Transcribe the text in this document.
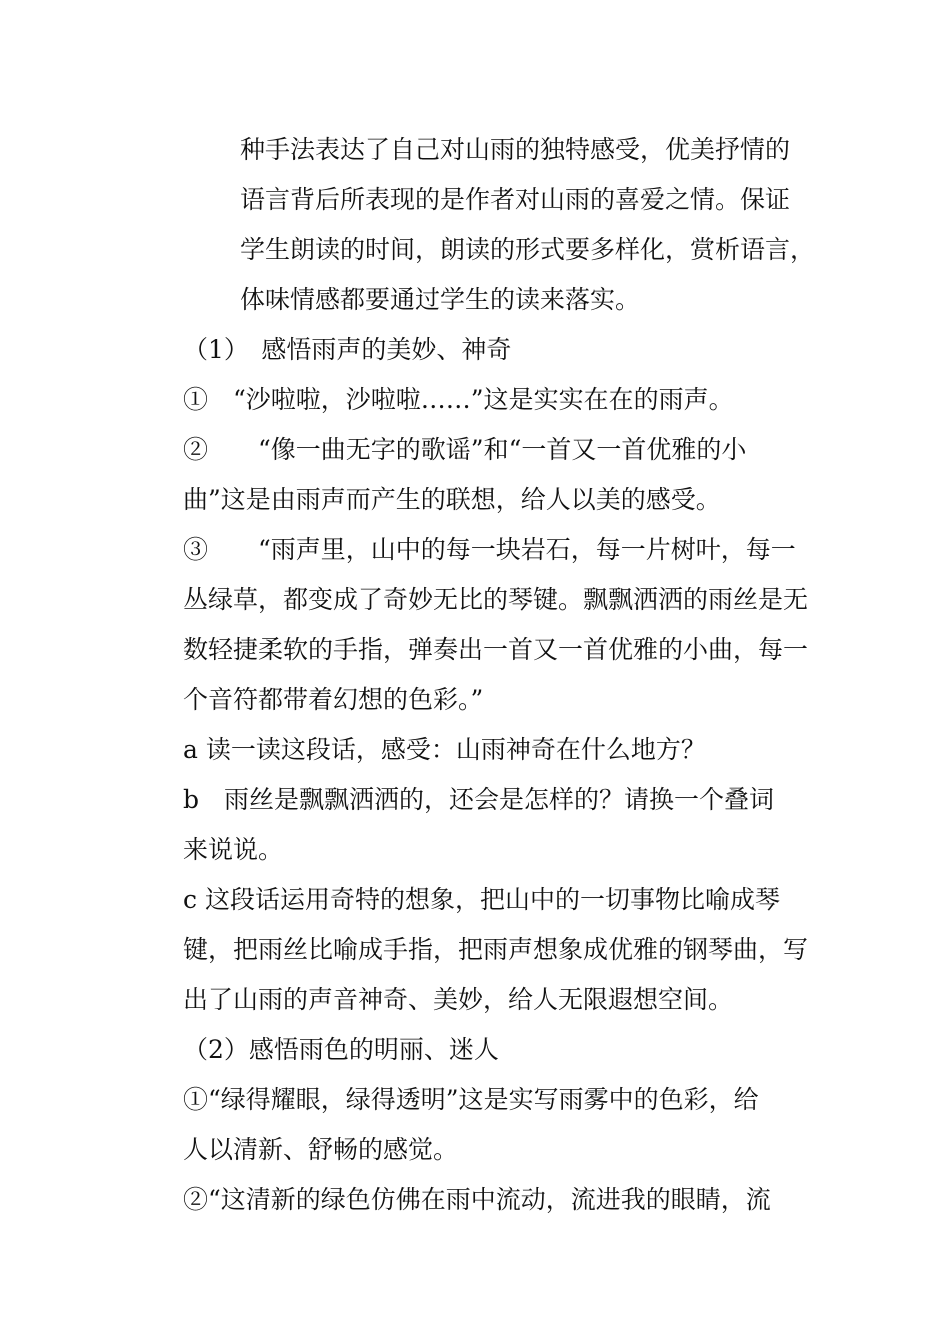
种手法表达了自己对山雨的独特感受，优美抒情的
语言背后所表现的是作者对山雨的喜爱之情。保证
学生朗读的时间，朗读的形式要多样化，赏析语言，
体味情感都要通过学生的读来落实。
（1）　感悟雨声的美妙、神奇
①　“沙啦啦，沙啦啦……”这是实实在在的雨声。
②　　“像一曲无字的歌谣”和“一首又一首优雅的小
曲”这是由雨声而产生的联想，给人以美的感受。
③　　“雨声里，山中的每一块岩石，每一片树叶，每一
丛绿草，都变成了奇妙无比的琴键。飘飘洒洒的雨丝是无
数轻捷柔软的手指，弹奏出一首又一首优雅的小曲，每一
个音符都带着幻想的色彩。”
a 读一读这段话，感受：山雨神奇在什么地方？
b　雨丝是飘飘洒洒的，还会是怎样的？请换一个叠词
来说说。
c 这段话运用奇特的想象，把山中的一切事物比喻成琴
键，把雨丝比喻成手指，把雨声想象成优雅的钢琴曲，写
出了山雨的声音神奇、美妙，给人无限遐想空间。
（2）感悟雨色的明丽、迷人
①“绿得耀眼，绿得透明”这是实写雨雾中的色彩，给
人以清新、舒畅的感觉。
②“这清新的绿色仿佛在雨中流动，流进我的眼睛，流
